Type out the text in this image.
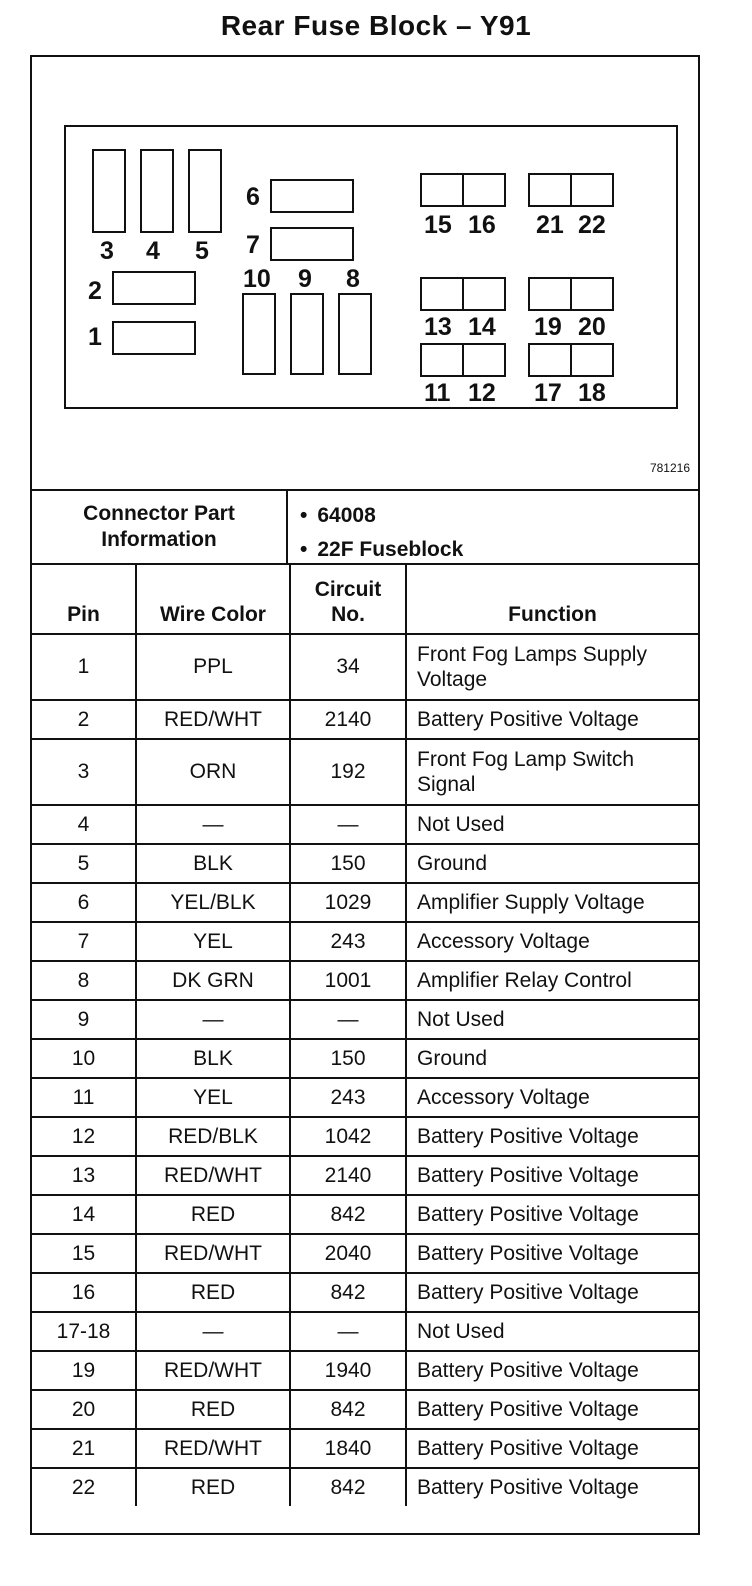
Rear Fuse Block – Y91
3 4 5
2
1
6
7
10 9 8
15 16 21 22
13 14 19 20
11 12 17 18
781216
Connector Part Information
• 64008
• 22F Fuseblock
Pin	Wire Color	Circuit No.	Function
1	PPL	34	Front Fog Lamps Supply Voltage
2	RED/WHT	2140	Battery Positive Voltage
3	ORN	192	Front Fog Lamp Switch Signal
4	—	—	Not Used
5	BLK	150	Ground
6	YEL/BLK	1029	Amplifier Supply Voltage
7	YEL	243	Accessory Voltage
8	DK GRN	1001	Amplifier Relay Control
9	—	—	Not Used
10	BLK	150	Ground
11	YEL	243	Accessory Voltage
12	RED/BLK	1042	Battery Positive Voltage
13	RED/WHT	2140	Battery Positive Voltage
14	RED	842	Battery Positive Voltage
15	RED/WHT	2040	Battery Positive Voltage
16	RED	842	Battery Positive Voltage
17-18	—	—	Not Used
19	RED/WHT	1940	Battery Positive Voltage
20	RED	842	Battery Positive Voltage
21	RED/WHT	1840	Battery Positive Voltage
22	RED	842	Battery Positive Voltage
